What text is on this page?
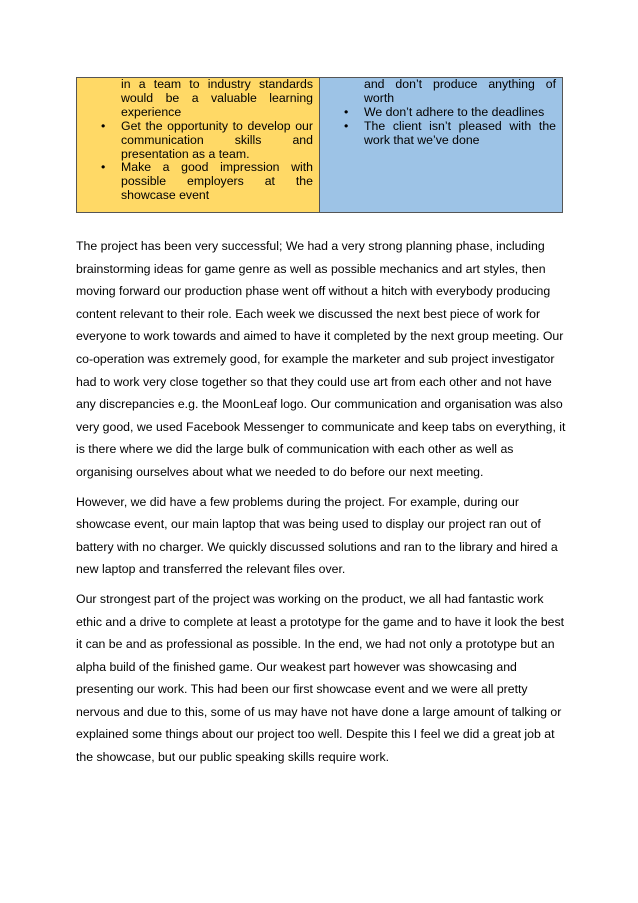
in a team to industry standards would be a valuable learning experience
• Get the opportunity to develop our communication skills and presentation as a team.
• Make a good impression with possible employers at the showcase event

and don’t produce anything of worth
• We don’t adhere to the deadlines
• The client isn’t pleased with the work that we’ve done

The project has been very successful; We had a very strong planning phase, including brainstorming ideas for game genre as well as possible mechanics and art styles, then moving forward our production phase went off without a hitch with everybody producing content relevant to their role. Each week we discussed the next best piece of work for everyone to work towards and aimed to have it completed by the next group meeting. Our co-operation was extremely good, for example the marketer and sub project investigator had to work very close together so that they could use art from each other and not have any discrepancies e.g. the MoonLeaf logo. Our communication and organisation was also very good, we used Facebook Messenger to communicate and keep tabs on everything, it is there where we did the large bulk of communication with each other as well as organising ourselves about what we needed to do before our next meeting.

However, we did have a few problems during the project. For example, during our showcase event, our main laptop that was being used to display our project ran out of battery with no charger. We quickly discussed solutions and ran to the library and hired a new laptop and transferred the relevant files over.

Our strongest part of the project was working on the product, we all had fantastic work ethic and a drive to complete at least a prototype for the game and to have it look the best it can be and as professional as possible. In the end, we had not only a prototype but an alpha build of the finished game. Our weakest part however was showcasing and presenting our work. This had been our first showcase event and we were all pretty nervous and due to this, some of us may have not have done a large amount of talking or explained some things about our project too well. Despite this I feel we did a great job at the showcase, but our public speaking skills require work.
